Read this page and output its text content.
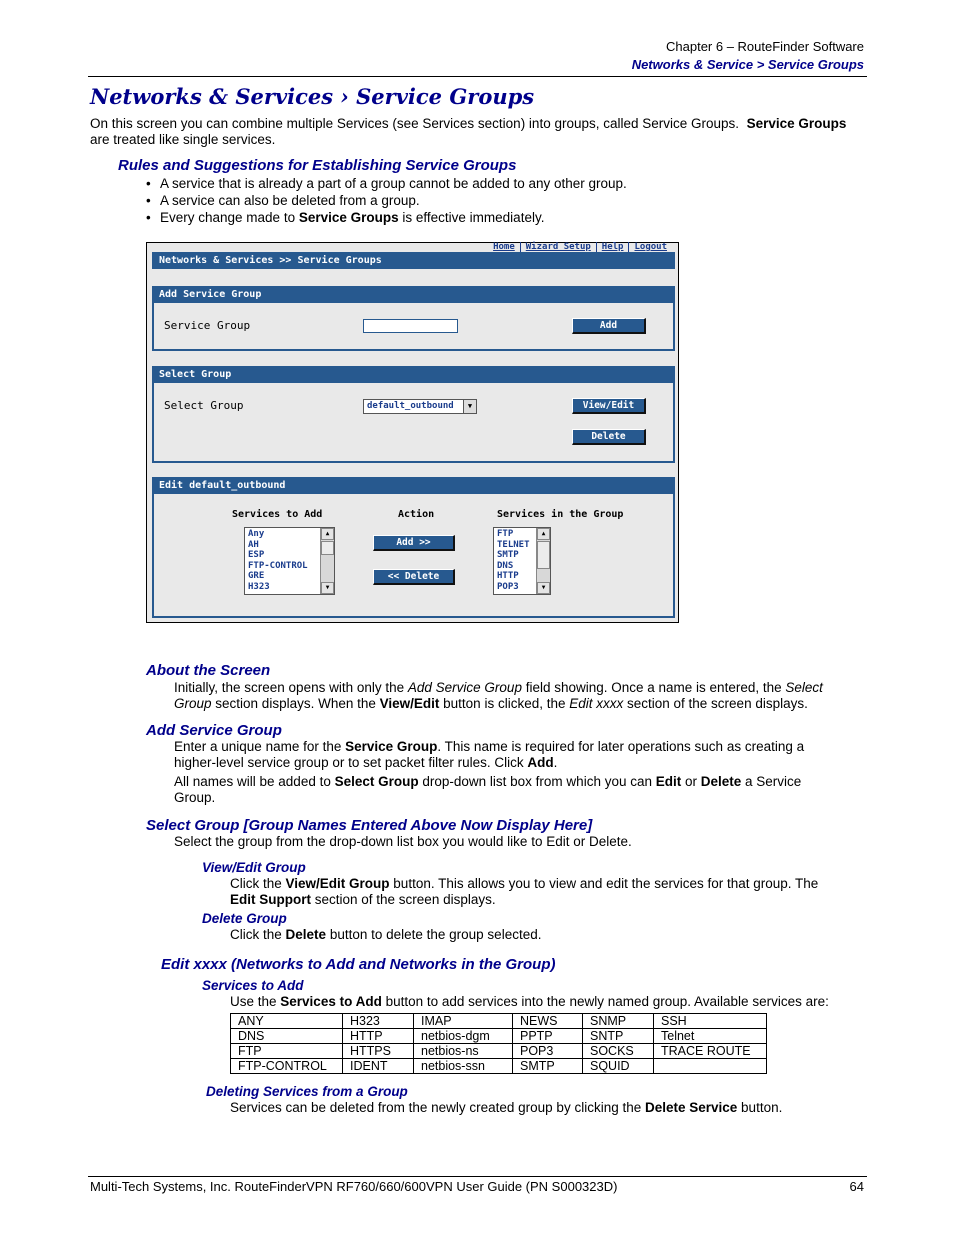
Chapter 6 – RouteFinder Software
Networks & Service > Service Groups
Networks & Services › Service Groups
On this screen you can combine multiple Services (see Services section) into groups, called Service Groups. Service Groups are treated like single services.
Rules and Suggestions for Establishing Service Groups
• A service that is already a part of a group cannot be added to any other group.
• A service can also be deleted from a group.
• Every change made to Service Groups is effective immediately.
Home Wizard Setup Help Logout
Networks & Services >> Service Groups
Add Service Group
Service Group	Add
Select Group
Select Group	default_outbound	▼	View/Edit
Delete
Edit default_outbound
Services to Add	Action	Services in the Group
Any
AH
ESP
FTP-CONTROL
GRE
H323
▲
▼
Add >>
<< Delete
FTP
TELNET
SMTP
DNS
HTTP
POP3
▲
▼
About the Screen
Initially, the screen opens with only the Add Service Group field showing. Once a name is entered, the Select
Group section displays. When the View/Edit button is clicked, the Edit xxxx section of the screen displays.
Add Service Group
Enter a unique name for the Service Group. This name is required for later operations such as creating a
higher-level service group or to set packet filter rules. Click Add.
All names will be added to Select Group drop-down list box from which you can Edit or Delete a Service
Group.
Select Group [Group Names Entered Above Now Display Here]
Select the group from the drop-down list box you would like to Edit or Delete.
View/Edit Group
Click the View/Edit Group button. This allows you to view and edit the services for that group. The
Edit Support section of the screen displays.
Delete Group
Click the Delete button to delete the group selected.
Edit xxxx (Networks to Add and Networks in the Group)
Services to Add
Use the Services to Add button to add services into the newly named group. Available services are:
ANY	H323	IMAP	NEWS	SNMP	SSH
DNS	HTTP	netbios-dgm	PPTP	SNTP	Telnet
FTP	HTTPS	netbios-ns	POP3	SOCKS	TRACE ROUTE
FTP-CONTROL	IDENT	netbios-ssn	SMTP	SQUID	
Deleting Services from a Group
Services can be deleted from the newly created group by clicking the Delete Service button.
Multi-Tech Systems, Inc. RouteFinderVPN RF760/660/600VPN User Guide (PN S000323D)	64
